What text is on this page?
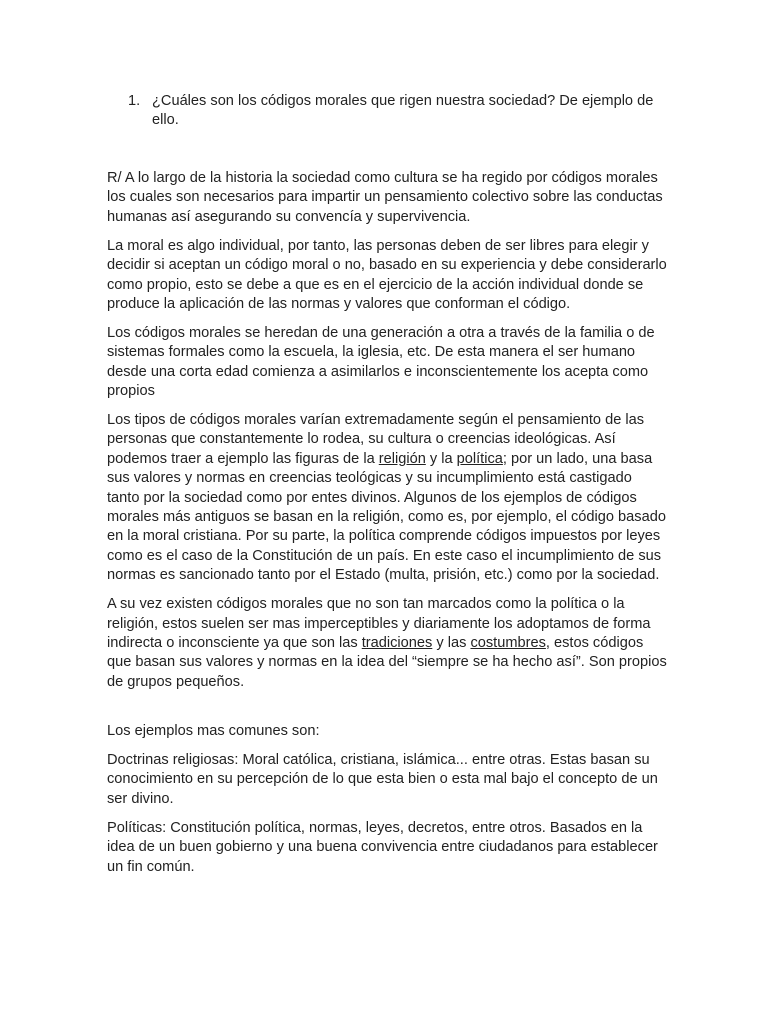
1. ¿Cuáles son los códigos morales que rigen nuestra sociedad? De ejemplo de ello.

R/ A lo largo de la historia la sociedad como cultura se ha regido por códigos morales los cuales son necesarios para impartir un pensamiento colectivo sobre las conductas humanas así asegurando su convencía y supervivencia.

La moral es algo individual, por tanto, las personas deben de ser libres para elegir y decidir si aceptan un código moral o no, basado en su experiencia y debe considerarlo como propio, esto se debe a que es en el ejercicio de la acción individual donde se produce la aplicación de las normas y valores que conforman el código.

Los códigos morales se heredan de una generación a otra a través de la familia o de sistemas formales como la escuela, la iglesia, etc. De esta manera el ser humano desde una corta edad comienza a asimilarlos e inconscientemente los acepta como propios

Los tipos de códigos morales varían extremadamente según el pensamiento de las personas que constantemente lo rodea, su cultura o creencias ideológicas. Así podemos traer a ejemplo las figuras de la religión y la política; por un lado, una basa sus valores y normas en creencias teológicas y su incumplimiento está castigado tanto por la sociedad como por entes divinos. Algunos de los ejemplos de códigos morales más antiguos se basan en la religión, como es, por ejemplo, el código basado en la moral cristiana. Por su parte, la política comprende códigos impuestos por leyes como es el caso de la Constitución de un país. En este caso el incumplimiento de sus normas es sancionado tanto por el Estado (multa, prisión, etc.) como por la sociedad.

A su vez existen códigos morales que no son tan marcados como la política o la religión, estos suelen ser mas imperceptibles y diariamente los adoptamos de forma indirecta o inconsciente ya que son las tradiciones y las costumbres, estos códigos que basan sus valores y normas en la idea del “siempre se ha hecho así”. Son propios de grupos pequeños.

Los ejemplos mas comunes son:

Doctrinas religiosas: Moral católica, cristiana, islámica... entre otras. Estas basan su conocimiento en su percepción de lo que esta bien o esta mal bajo el concepto de un ser divino.

Políticas: Constitución política, normas, leyes, decretos, entre otros. Basados en la idea de un buen gobierno y una buena convivencia entre ciudadanos para establecer un fin común.
